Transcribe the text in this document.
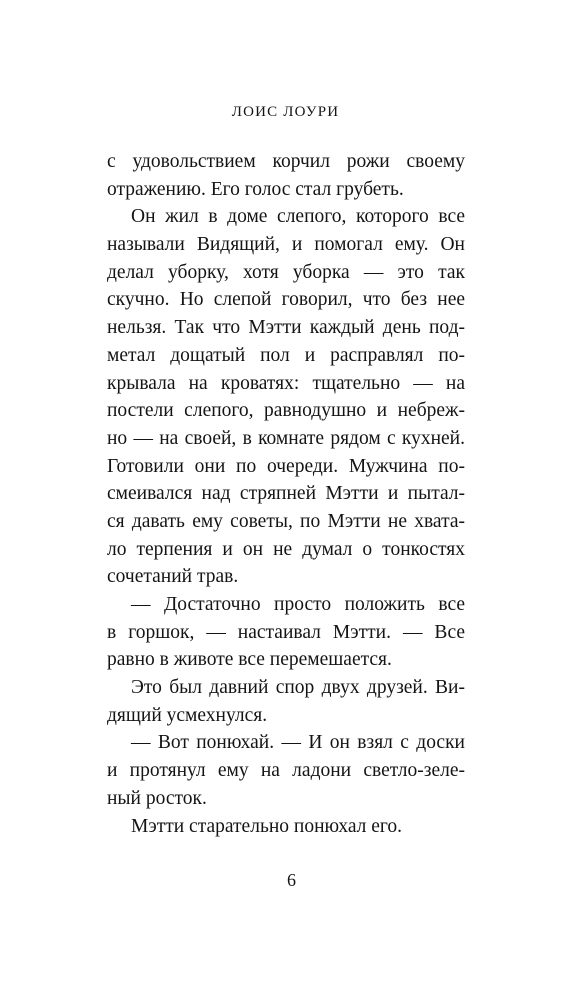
ЛОИС ЛОУРИ
с удовольствием корчил рожи своему
отражению. Его голос стал грубеть.
Он жил в доме слепого, которого все
называли Видящий, и помогал ему. Он
делал уборку, хотя уборка — это так
скучно. Но слепой говорил, что без нее
нельзя. Так что Мэтти каждый день под-
метал дощатый пол и расправлял по-
крывала на кроватях: тщательно — на
постели слепого, равнодушно и небреж-
но — на своей, в комнате рядом с кухней.
Готовили они по очереди. Мужчина по-
смеивался над стряпней Мэтти и пытал-
ся давать ему советы, по Мэтти не хвата-
ло терпения и он не думал о тонкостях
сочетаний трав.
— Достаточно просто положить все
в горшок, — настаивал Мэтти. — Все
равно в животе все перемешается.
Это был давний спор двух друзей. Ви-
дящий усмехнулся.
— Вот понюхай. — И он взял с доски
и протянул ему на ладони светло-зеле-
ный росток.
Мэтти старательно понюхал его.
6
